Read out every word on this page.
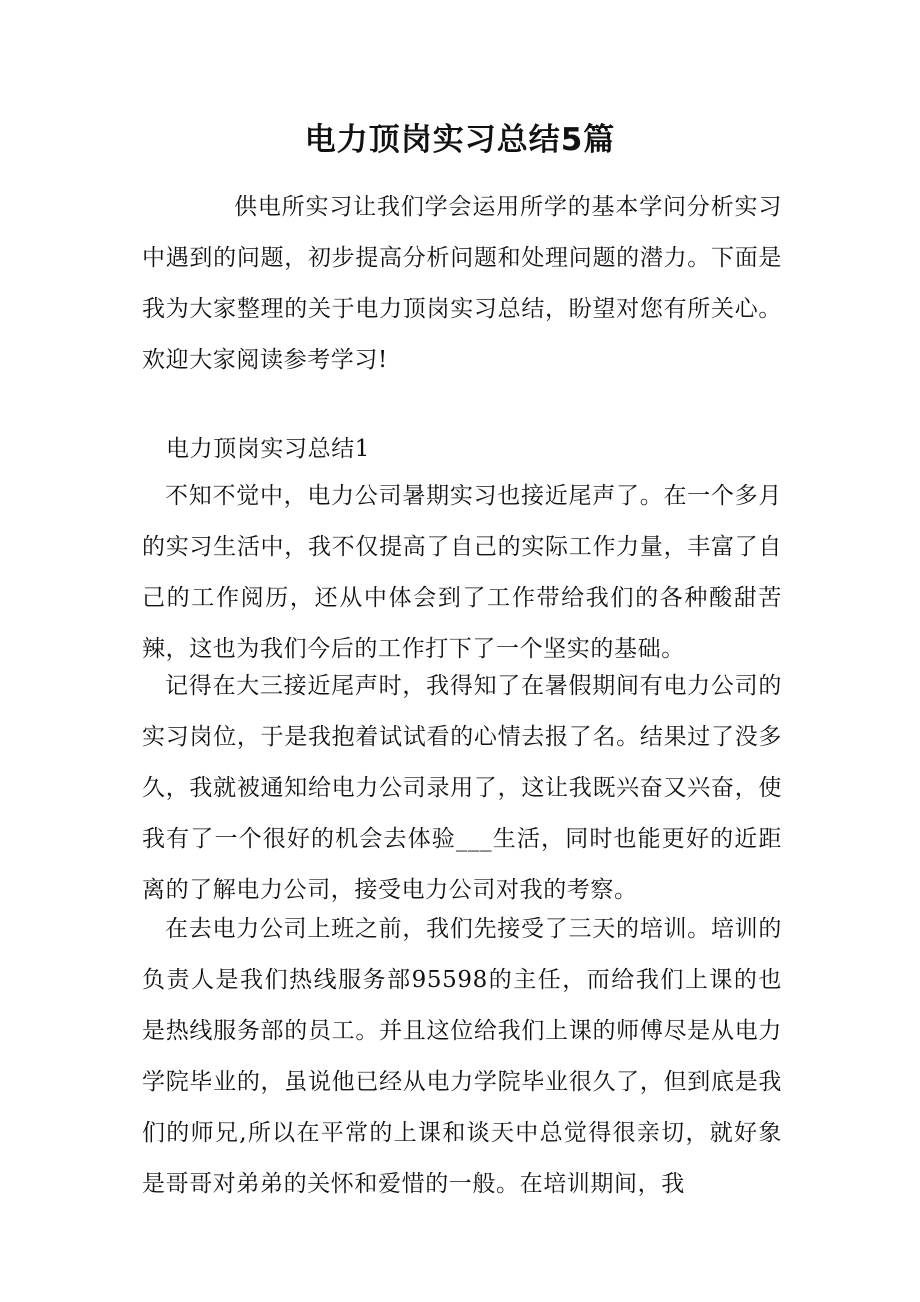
电力顶岗实习总结5篇

供电所实习让我们学会运用所学的基本学问分析实习中遇到的问题，初步提高分析问题和处理问题的潜力。下面是我为大家整理的关于电力顶岗实习总结，盼望对您有所关心。欢迎大家阅读参考学习!

电力顶岗实习总结1

不知不觉中，电力公司暑期实习也接近尾声了。在一个多月的实习生活中，我不仅提高了自己的实际工作力量，丰富了自己的工作阅历，还从中体会到了工作带给我们的各种酸甜苦辣，这也为我们今后的工作打下了一个坚实的基础。

记得在大三接近尾声时，我得知了在暑假期间有电力公司的实习岗位，于是我抱着试试看的心情去报了名。结果过了没多久，我就被通知给电力公司录用了，这让我既兴奋又兴奋，使我有了一个很好的机会去体验___生活，同时也能更好的近距离的了解电力公司，接受电力公司对我的考察。

在去电力公司上班之前，我们先接受了三天的培训。培训的负责人是我们热线服务部95598的主任，而给我们上课的也是热线服务部的员工。并且这位给我们上课的师傅尽是从电力学院毕业的，虽说他已经从电力学院毕业很久了，但到底是我们的师兄,所以在平常的上课和谈天中总觉得很亲切，就好象是哥哥对弟弟的关怀和爱惜的一般。在培训期间，我
